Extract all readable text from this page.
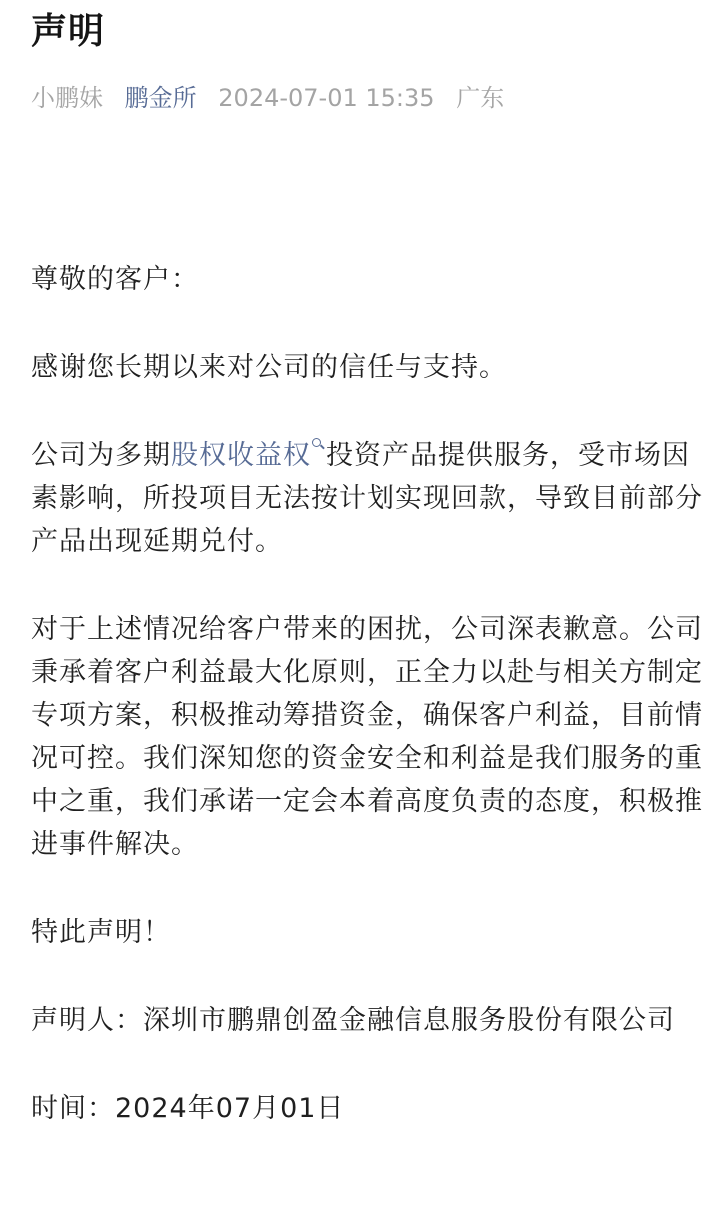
声明
小鹏妹 鹏金所 2024-07-01 15:35 广东

尊敬的客户：

感谢您长期以来对公司的信任与支持。

公司为多期股权收益权 投资产品提供服务，受市场因素影响，所投项目无法按计划实现回款，导致目前部分产品出现延期兑付。

对于上述情况给客户带来的困扰，公司深表歉意。公司秉承着客户利益最大化原则，正全力以赴与相关方制定专项方案，积极推动筹措资金，确保客户利益，目前情况可控。我们深知您的资金安全和利益是我们服务的重中之重，我们承诺一定会本着高度负责的态度，积极推进事件解决。

特此声明！

声明人：深圳市鹏鼎创盈金融信息服务股份有限公司

时间：2024年07月01日
